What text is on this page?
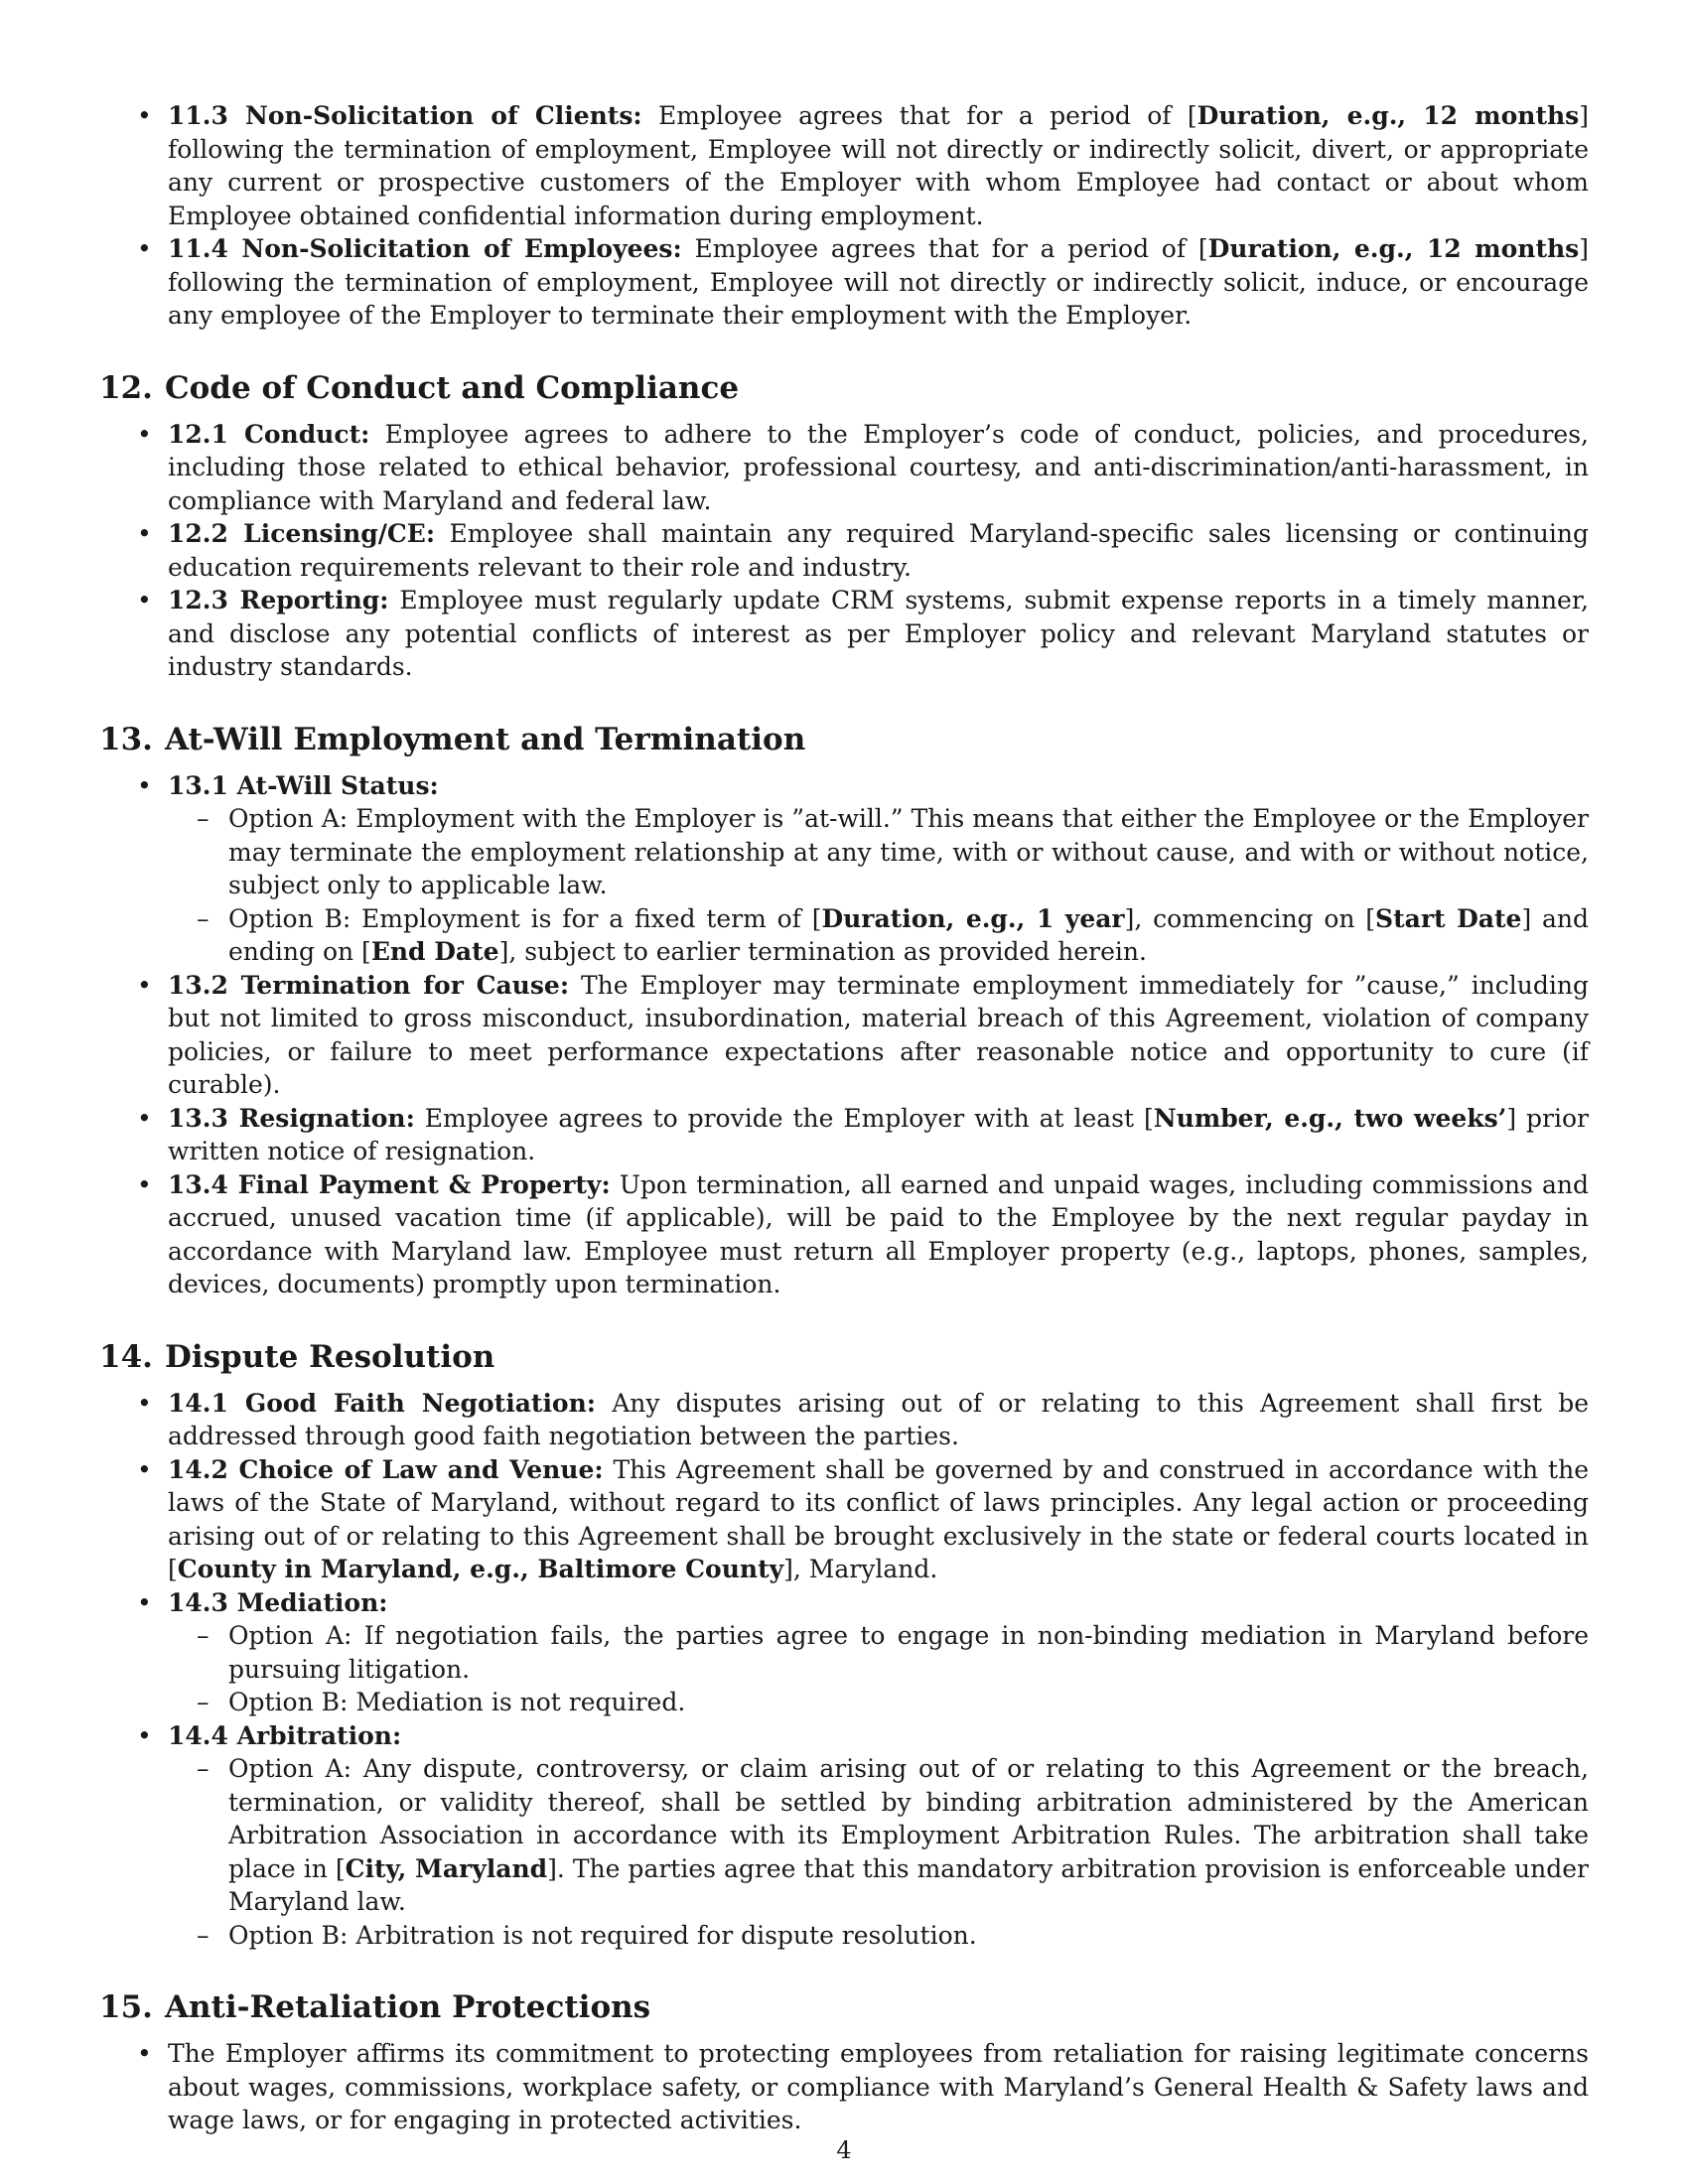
• 11.3 Non-Solicitation of Clients: Employee agrees that for a period of [Duration, e.g., 12 months] following the termination of employment, Employee will not directly or indirectly solicit, divert, or appropriate any current or prospective customers of the Employer with whom Employee had contact or about whom Employee obtained confidential information during employment.
• 11.4 Non-Solicitation of Employees: Employee agrees that for a period of [Duration, e.g., 12 months] following the termination of employment, Employee will not directly or indirectly solicit, induce, or encourage any employee of the Employer to terminate their employment with the Employer.
12. Code of Conduct and Compliance
• 12.1 Conduct: Employee agrees to adhere to the Employer’s code of conduct, policies, and procedures, including those related to ethical behavior, professional courtesy, and anti-discrimination/anti-harassment, in compliance with Maryland and federal law.
• 12.2 Licensing/CE: Employee shall maintain any required Maryland-specific sales licensing or continuing education requirements relevant to their role and industry.
• 12.3 Reporting: Employee must regularly update CRM systems, submit expense reports in a timely manner, and disclose any potential conflicts of interest as per Employer policy and relevant Maryland statutes or industry standards.
13. At-Will Employment and Termination
• 13.1 At-Will Status:
– Option A: Employment with the Employer is ”at-will.” This means that either the Employee or the Employer may terminate the employment relationship at any time, with or without cause, and with or without notice, subject only to applicable law.
– Option B: Employment is for a fixed term of [Duration, e.g., 1 year], commencing on [Start Date] and ending on [End Date], subject to earlier termination as provided herein.
• 13.2 Termination for Cause: The Employer may terminate employment immediately for ”cause,” including but not limited to gross misconduct, insubordination, material breach of this Agreement, violation of company policies, or failure to meet performance expectations after reasonable notice and opportunity to cure (if curable).
• 13.3 Resignation: Employee agrees to provide the Employer with at least [Number, e.g., two weeks’] prior written notice of resignation.
• 13.4 Final Payment & Property: Upon termination, all earned and unpaid wages, including commissions and accrued, unused vacation time (if applicable), will be paid to the Employee by the next regular payday in accordance with Maryland law. Employee must return all Employer property (e.g., laptops, phones, samples, devices, documents) promptly upon termination.
14. Dispute Resolution
• 14.1 Good Faith Negotiation: Any disputes arising out of or relating to this Agreement shall first be addressed through good faith negotiation between the parties.
• 14.2 Choice of Law and Venue: This Agreement shall be governed by and construed in accordance with the laws of the State of Maryland, without regard to its conflict of laws principles. Any legal action or proceeding arising out of or relating to this Agreement shall be brought exclusively in the state or federal courts located in [County in Maryland, e.g., Baltimore County], Maryland.
• 14.3 Mediation:
– Option A: If negotiation fails, the parties agree to engage in non-binding mediation in Maryland before pursuing litigation.
– Option B: Mediation is not required.
• 14.4 Arbitration:
– Option A: Any dispute, controversy, or claim arising out of or relating to this Agreement or the breach, termination, or validity thereof, shall be settled by binding arbitration administered by the American Arbitration Association in accordance with its Employment Arbitration Rules. The arbitration shall take place in [City, Maryland]. The parties agree that this mandatory arbitration provision is enforceable under Maryland law.
– Option B: Arbitration is not required for dispute resolution.
15. Anti-Retaliation Protections
• The Employer affirms its commitment to protecting employees from retaliation for raising legitimate concerns about wages, commissions, workplace safety, or compliance with Maryland’s General Health & Safety laws and wage laws, or for engaging in protected activities.
4
